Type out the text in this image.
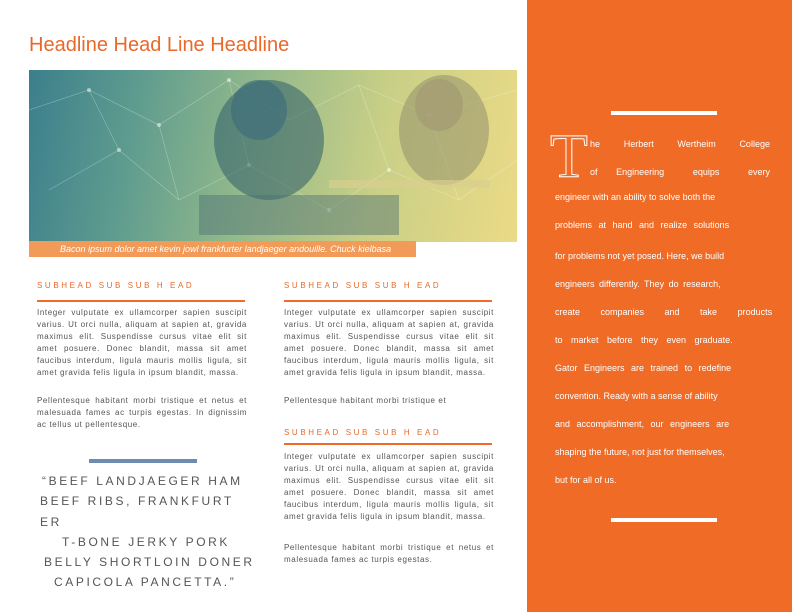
Headline Head Line Headline
Bacon ipsum dolor amet kevin jowl frankfurter landjaeger andouille. Chuck kielbasa
SUBHEAD SUB SUB H EAD
Integer vulputate ex ullamcorper sapien suscipit varius. Ut orci nulla, aliquam at sapien at, gravida maximus elit. Suspendisse cursus vitae elit sit amet posuere. Donec blandit, massa sit amet faucibus interdum, ligula mauris mollis ligula, sit amet gravida felis ligula in ipsum blandit, massa.
Pellentesque habitant morbi tristique et netus et malesuada fames ac turpis egestas. In dignissim ac tellus ut pellentesque.
“BEEF LANDJAEGER HAM
BEEF RIBS, FRANKFURT
ER
T-BONE JERKY PORK
BELLY SHORTLOIN DONER
CAPICOLA PANCETTA.”
SUBHEAD SUB SUB H EAD
Integer vulputate ex ullamcorper sapien suscipit varius. Ut orci nulla, aliquam at sapien at, gravida maximus elit. Suspendisse cursus vitae elit sit amet posuere. Donec blandit, massa sit amet faucibus interdum, ligula mauris mollis ligula, sit amet gravida felis ligula in ipsum blandit, massa.
Pellentesque habitant morbi tristique et
SUBHEAD SUB SUB H EAD
Integer vulputate ex ullamcorper sapien suscipit varius. Ut orci nulla, aliquam at sapien at, gravida maximus elit. Suspendisse cursus vitae elit sit amet posuere. Donec blandit, massa sit amet faucibus interdum, ligula mauris mollis ligula, sit amet gravida felis ligula in ipsum blandit, massa.
Pellentesque habitant morbi tristique et netus et malesuada fames ac turpis egestas.
T he	Herbert	Wertheim	College
of Engineering	equips	every
engineer with an ability to solve both the
problems at hand and realize solutions
for problems not yet posed. Here, we build
engineers differently. They do research,
create companies and take products
to market before they even graduate.
Gator Engineers are trained to redefine
convention. Ready with a sense of ability
and accomplishment, our engineers are
shaping the future, not just for themselves,
but for all of us.
